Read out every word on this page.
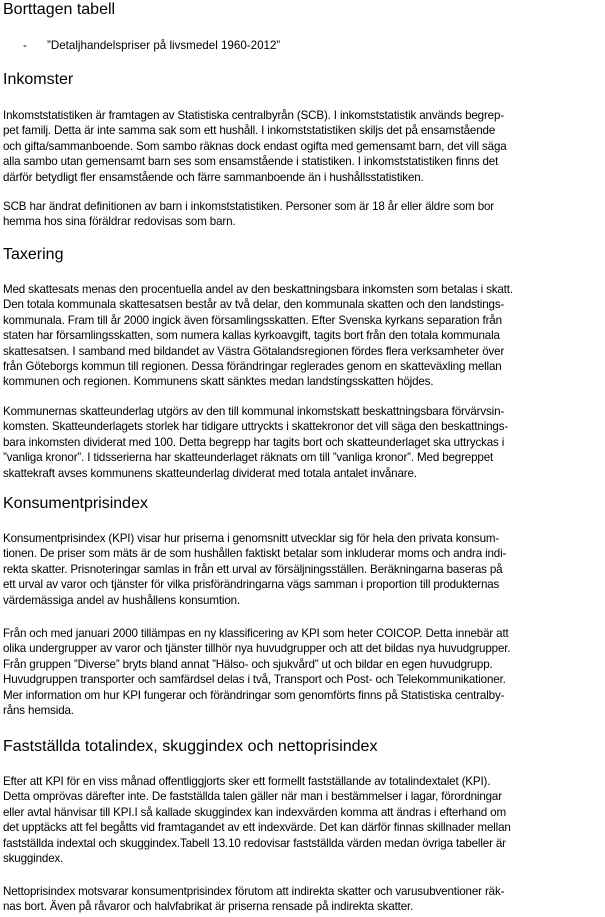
Borttagen tabell
-	”Detaljhandelspriser på livsmedel 1960-2012”
Inkomster

Inkomststatistiken är framtagen av Statistiska centralbyrån (SCB). I inkomststatistik används begrep-
pet familj. Detta är inte samma sak som ett hushåll. I inkomststatistiken skiljs det på ensamstående
och gifta/sammanboende. Som sambo räknas dock endast ogifta med gemensamt barn, det vill säga
alla sambo utan gemensamt barn ses som ensamstående i statistiken. I inkomststatistiken finns det
därför betydligt fler ensamstående och färre sammanboende än i hushållsstatistiken.

SCB har ändrat definitionen av barn i inkomststatistiken. Personer som är 18 år eller äldre som bor
hemma hos sina föräldrar redovisas som barn.

Taxering

Med skattesats menas den procentuella andel av den beskattningsbara inkomsten som betalas i skatt.
Den totala kommunala skattesatsen består av två delar, den kommunala skatten och den landstings-
kommunala. Fram till år 2000 ingick även församlingsskatten. Efter Svenska kyrkans separation från
staten har församlingsskatten, som numera kallas kyrkoavgift, tagits bort från den totala kommunala
skattesatsen. I samband med bildandet av Västra Götalandsregionen fördes flera verksamheter över
från Göteborgs kommun till regionen. Dessa förändringar reglerades genom en skatteväxling mellan
kommunen och regionen. Kommunens skatt sänktes medan landstingsskatten höjdes.

Kommunernas skatteunderlag utgörs av den till kommunal inkomstskatt beskattningsbara förvärvsin-
komsten. Skatteunderlagets storlek har tidigare uttryckts i skattekronor det vill säga den beskattnings-
bara inkomsten dividerat med 100. Detta begrepp har tagits bort och skatteunderlaget ska uttryckas i
”vanliga kronor”. I tidsserierna har skatteunderlaget räknats om till ”vanliga kronor”. Med begreppet
skattekraft avses kommunens skatteunderlag dividerat med totala antalet invånare.

Konsumentprisindex

Konsumentprisindex (KPI) visar hur priserna i genomsnitt utvecklar sig för hela den privata konsum-
tionen. De priser som mäts är de som hushållen faktiskt betalar som inkluderar moms och andra indi-
rekta skatter. Prisnoteringar samlas in från ett urval av försäljningsställen. Beräkningarna baseras på
ett urval av varor och tjänster för vilka prisförändringarna vägs samman i proportion till produkternas
värdemässiga andel av hushållens konsumtion.

Från och med januari 2000 tillämpas en ny klassificering av KPI som heter COICOP. Detta innebär att
olika undergrupper av varor och tjänster tillhör nya huvudgrupper och att det bildas nya huvudgrupper.
Från gruppen ”Diverse” bryts bland annat ”Hälso- och sjukvård” ut och bildar en egen huvudgrupp.
Huvudgruppen transporter och samfärdsel delas i två, Transport och Post- och Telekommunikationer.
Mer information om hur KPI fungerar och förändringar som genomförts finns på Statistiska centralby-
råns hemsida.

Fastställda totalindex, skuggindex och nettoprisindex

Efter att KPI för en viss månad offentliggjorts sker ett formellt fastställande av totalindextalet (KPI).
Detta omprövas därefter inte. De fastställda talen gäller när man i bestämmelser i lagar, förordningar
eller avtal hänvisar till KPI.I så kallade skuggindex kan indexvärden komma att ändras i efterhand om
det upptäcks att fel begåtts vid framtagandet av ett indexvärde. Det kan därför finnas skillnader mellan
fastställda indextal och skuggindex.Tabell 13.10 redovisar fastställda värden medan övriga tabeller är
skuggindex.

Nettoprisindex motsvarar konsumentprisindex förutom att indirekta skatter och varusubventioner räk-
nas bort. Även på råvaror och halvfabrikat är priserna rensade på indirekta skatter.
